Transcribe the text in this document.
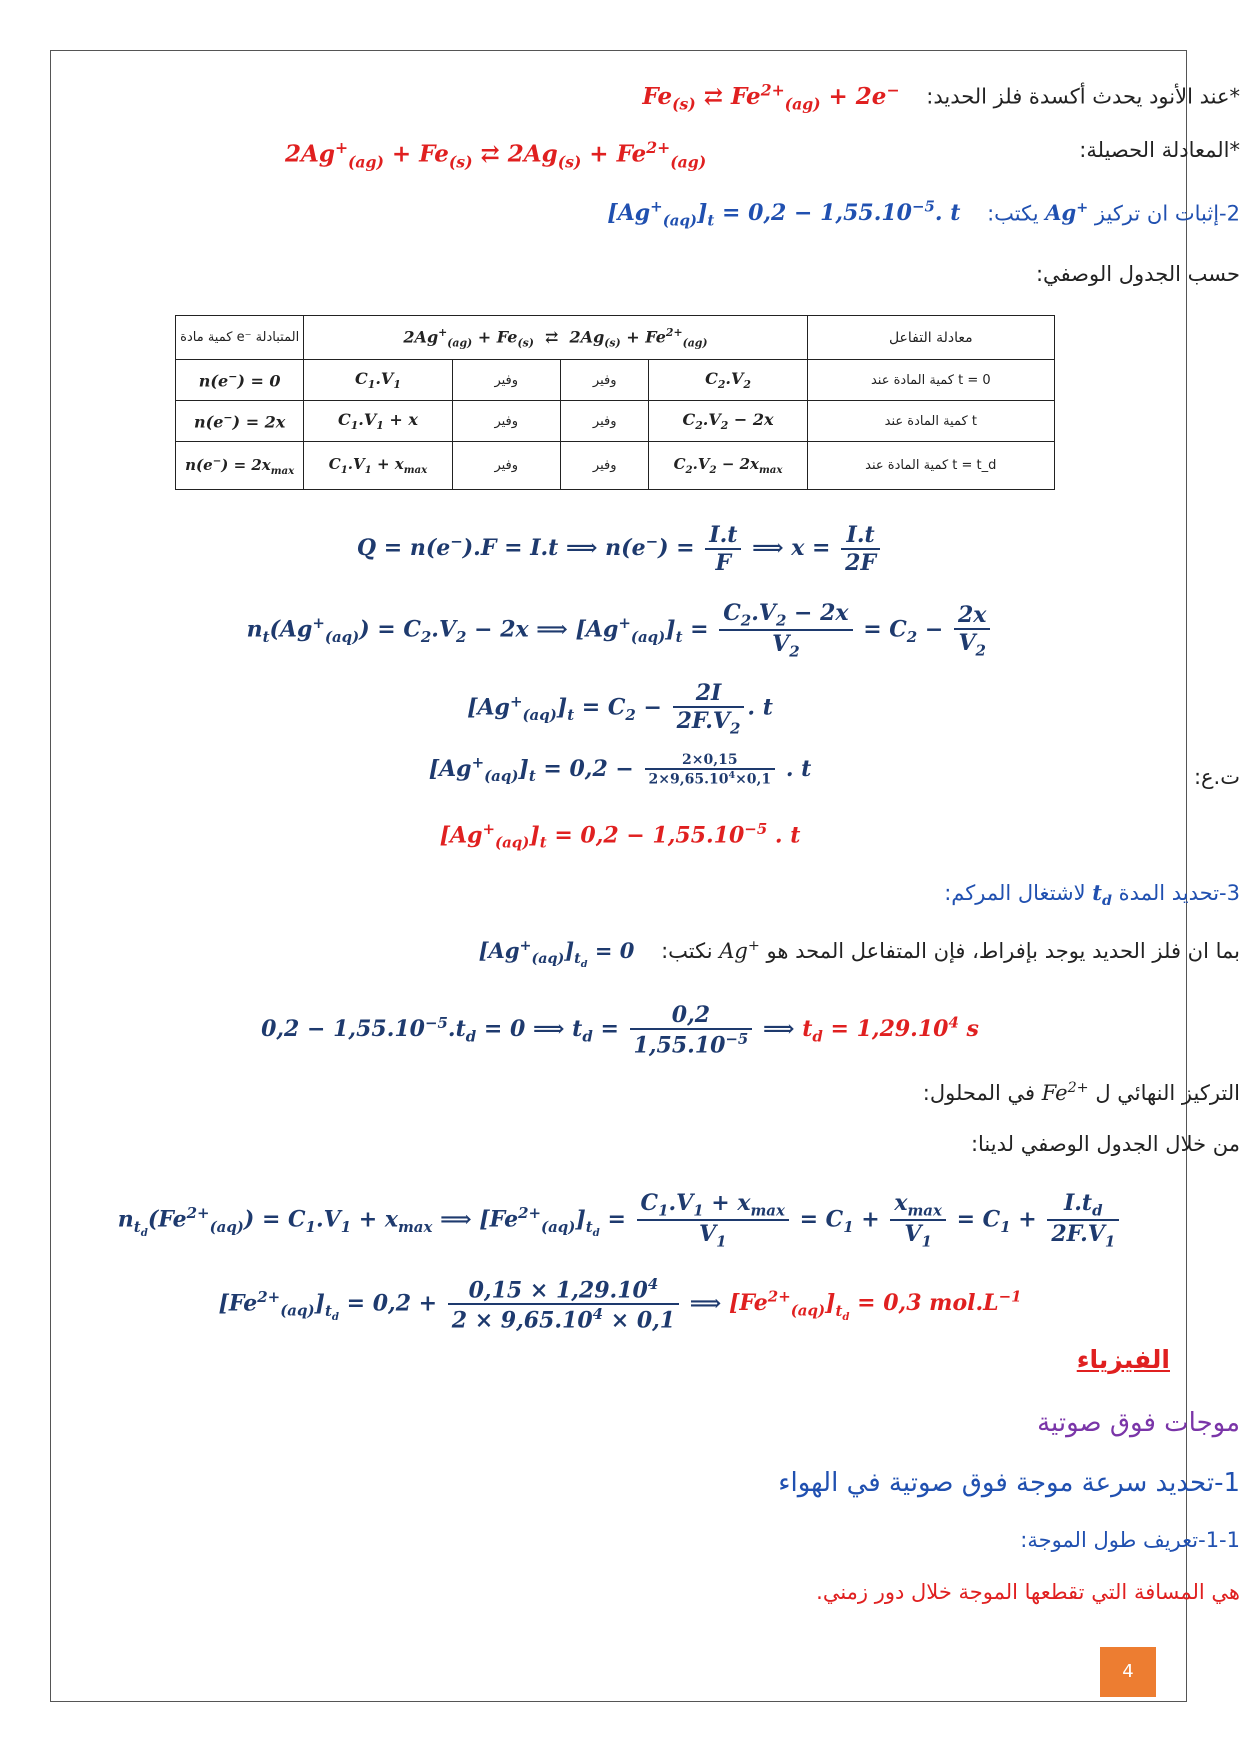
*عند الأنود يحدث أكسدة فلز الحديد:    $Fe_{(s)}$ ⇄ $Fe^{2+}_{(ag)} + 2e^-$
*المعادلة الحصيلة:
$2Ag^+_{(ag)} + Fe_{(s)}$ ⇄ $2Ag_{(s)} + Fe^{2+}_{(ag)}$
2-إثبات ان تركيز Ag+ يكتب:    $[Ag^+_{(aq)}]_t = 0,2 - 1,55.10^{-5}$. t
حسب الجدول الوصفي:
كمية مادة e⁻ المتبادلة	$2Ag^+_{(ag)} + Fe_{(s)}$  ⇄  $2Ag_{(s)} + Fe^{2+}_{(ag)}$				معادلة التفاعل
n(e−) = 0	$C_1.V_1$	وفير	وفير	$C_2.V_2$	كمية المادة عند t = 0
n(e−) = 2x	$C_1.V_1 + x$	وفير	وفير	$C_2.V_2 - 2x$	كمية المادة عند t
$n(e^-) = 2x_{max}$	$C_1.V_1 + x_{max}$	وفير	وفير	$C_2.V_2 - 2x_{max}$	كمية المادة عند t = t_d
Q = n(e−).F = I.t ⟹ $n(e^-) = \frac{I.t}{F}$ ⟹ $x = \frac{I.t}{2F}$
$n_t(Ag^+_{(aq)}) = C_2.V_2 - 2x$ ⟹ $[Ag^+_{(aq)}]_t = \frac{C_2.V_2 - 2x}{V_2} = C_2 - \frac{2x}{V_2}$
$[Ag^+_{(aq)}]_t = C_2 - \frac{2I}{2F.V_2}$ . t
ت.ع:
$[Ag^+_{(aq)}]_t = 0,2 - \frac{2\times 0,15}{2\times 9,65.10^4\times 0,1}$ . t
$[Ag^+_{(aq)}]_t = 0,2 - 1,55.10^{-5}$ . t
3-تحديد المدة $t_d$ لاشتغال المركم:
بما ان فلز الحديد يوجد بإفراط، فإن المتفاعل المحد هو Ag+ نكتب:    $[Ag^+_{(aq)}]_{t_d} = 0$
$0,2 - 1,55.10^{-5}.t_d = 0$ ⟹ $t_d = \frac{0,2}{1,55.10^{-5}}$ ⟹ $t_d = 1,29.10^4$ s
التركيز النهائي ل $Fe^{2+}$ في المحلول:
من خلال الجدول الوصفي لدينا:
$n_{t_d}(Fe^{2+}_{(aq)}) = C_1.V_1 + x_{max}$ ⟹ $[Fe^{2+}_{(aq)}]_{t_d} = \frac{C_1.V_1 + x_{max}}{V_1} = C_1 + \frac{x_{max}}{V_1} = C_1 + \frac{I.t_d}{2F.V_1}$
$[Fe^{2+}_{(aq)}]_{t_d} = 0,2 + \frac{0,15 \times 1,29.10^4}{2 \times 9,65.10^4 \times 0,1}$ ⟹ $[Fe^{2+}_{(aq)}]_{t_d} = 0,3$ $mol.L^{-1}$
الفيزياء
موجات فوق صوتية
1-تحديد سرعة موجة فوق صوتية في الهواء
1-1-تعريف طول الموجة:
هي المسافة التي تقطعها الموجة خلال دور زمني.
4
